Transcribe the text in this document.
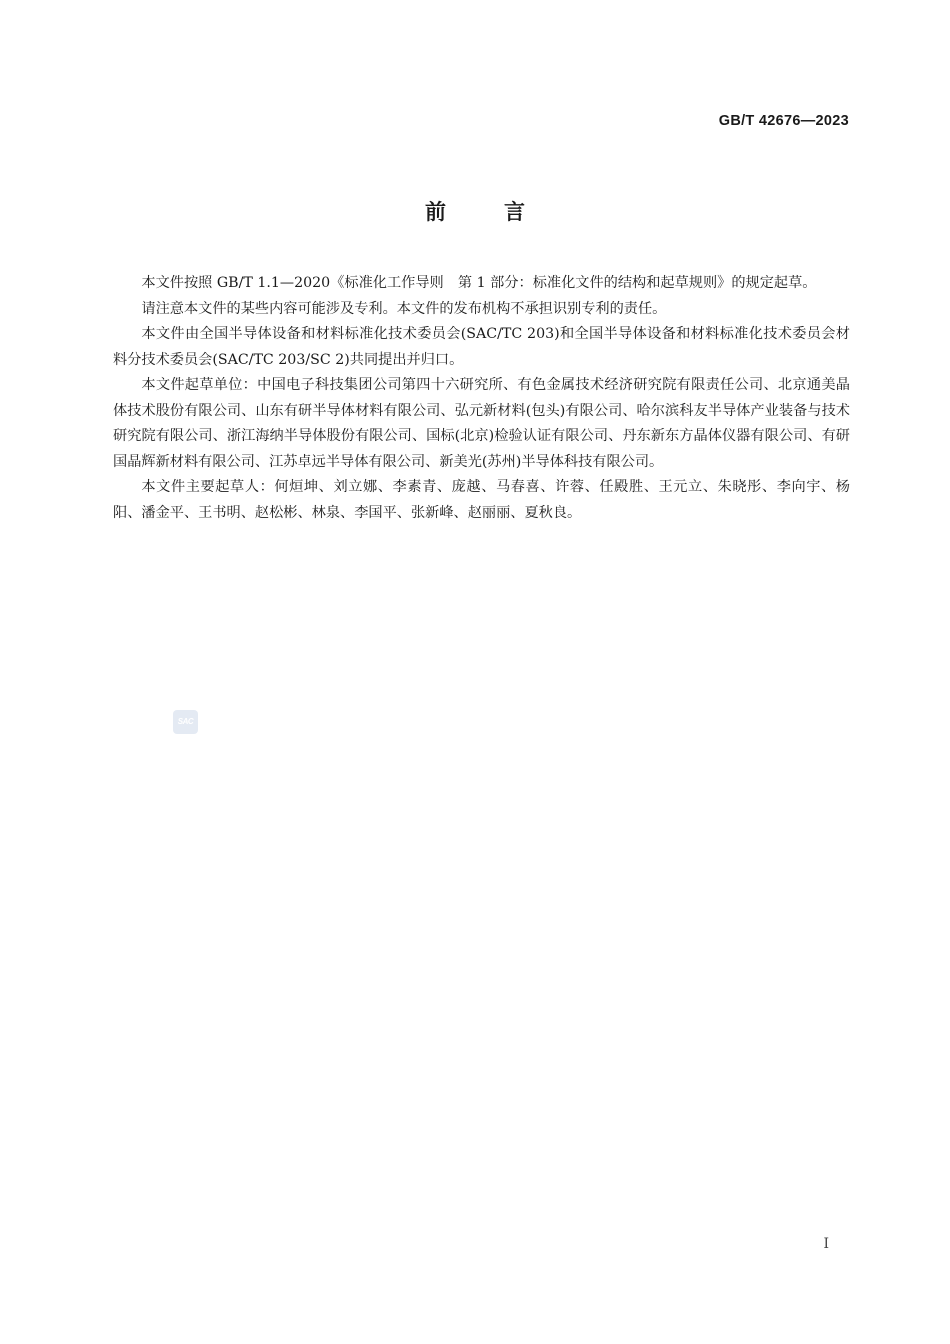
GB/T 42676—2023
前言

本文件按照 GB/T 1.1—2020《标准化工作导则　第 1 部分：标准化文件的结构和起草规则》的规定起草。

请注意本文件的某些内容可能涉及专利。本文件的发布机构不承担识别专利的责任。

本文件由全国半导体设备和材料标准化技术委员会(SAC/TC 203)和全国半导体设备和材料标准化技术委员会材料分技术委员会(SAC/TC 203/SC 2)共同提出并归口。

本文件起草单位：中国电子科技集团公司第四十六研究所、有色金属技术经济研究院有限责任公司、北京通美晶体技术股份有限公司、山东有研半导体材料有限公司、弘元新材料(包头)有限公司、哈尔滨科友半导体产业装备与技术研究院有限公司、浙江海纳半导体股份有限公司、国标(北京)检验认证有限公司、丹东新东方晶体仪器有限公司、有研国晶辉新材料有限公司、江苏卓远半导体有限公司、新美光(苏州)半导体科技有限公司。

本文件主要起草人：何烜坤、刘立娜、李素青、庞越、马春喜、许蓉、任殿胜、王元立、朱晓彤、李向宇、杨阳、潘金平、王书明、赵松彬、林泉、李国平、张新峰、赵丽丽、夏秋良。

SAC
I
